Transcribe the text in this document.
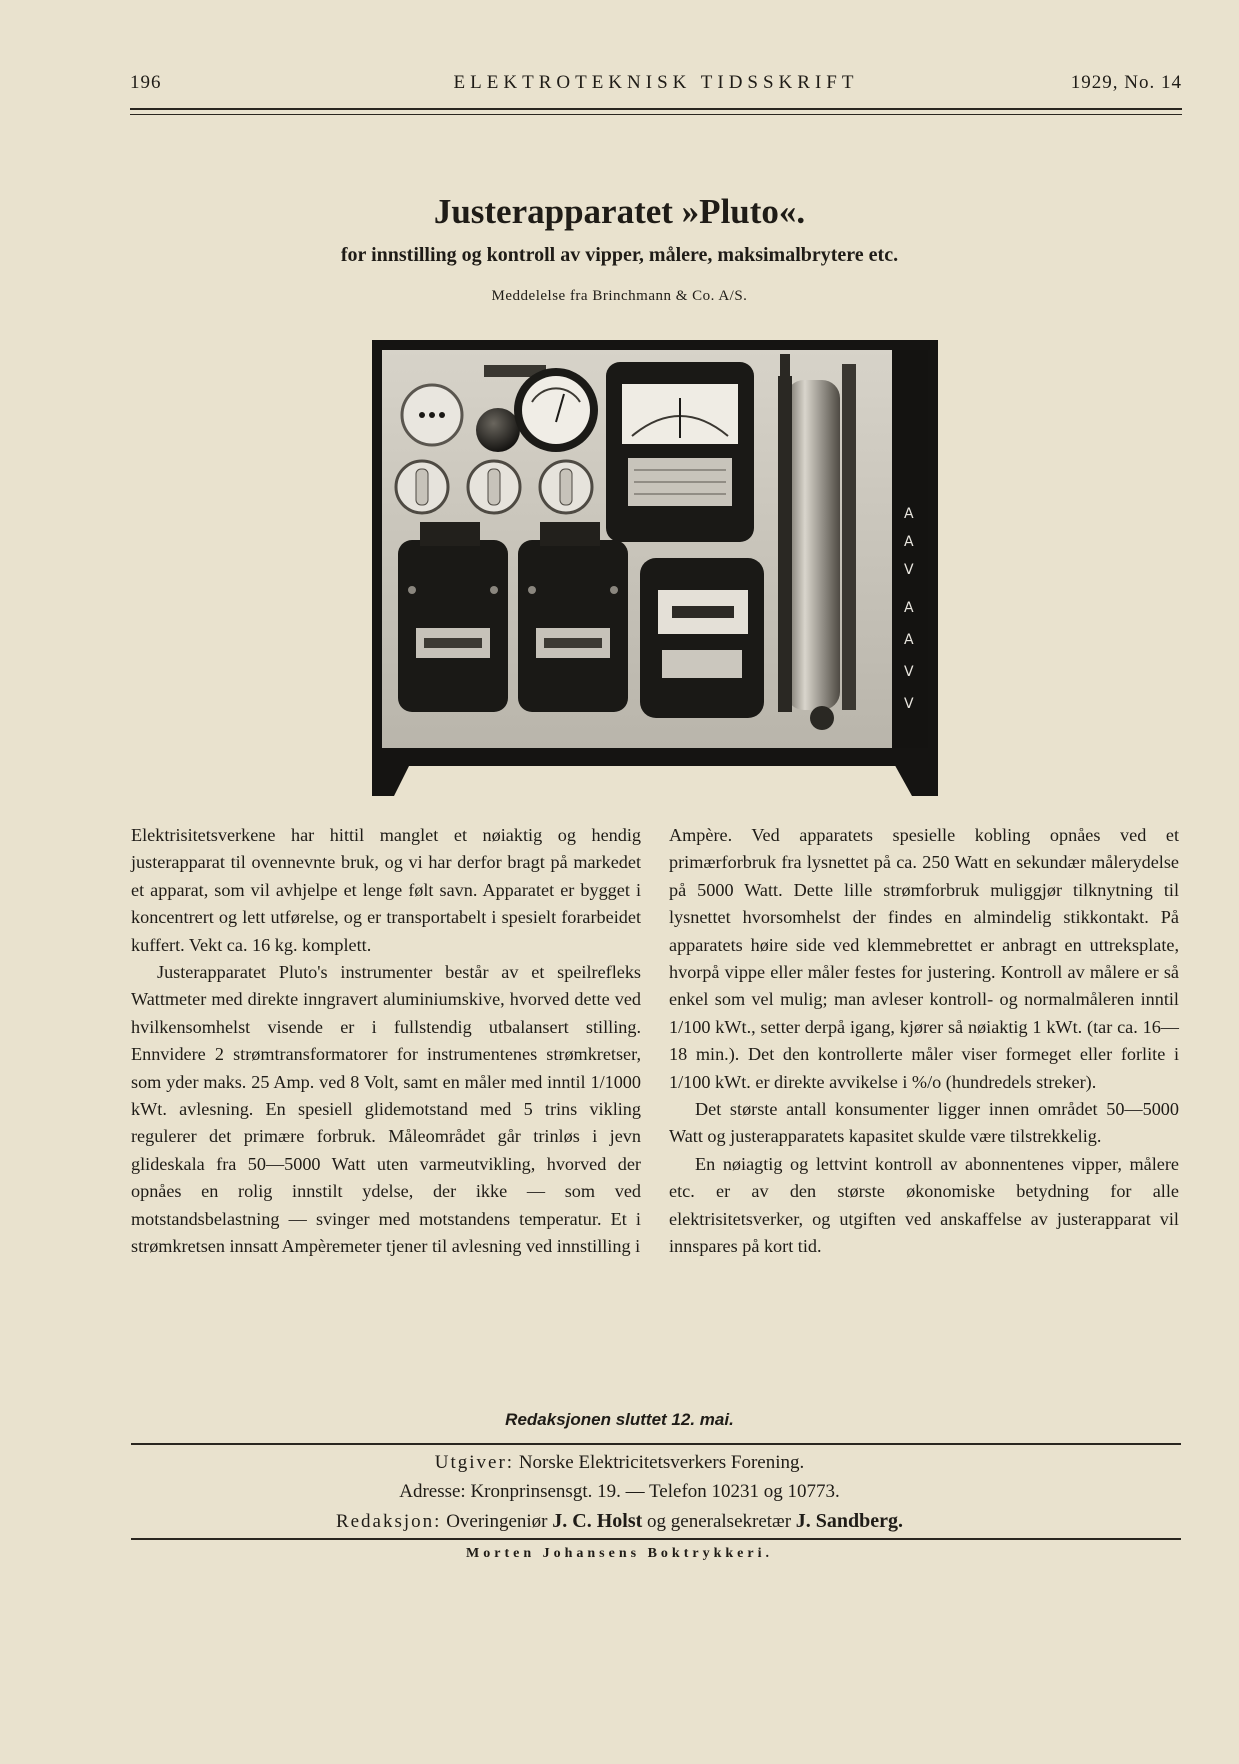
196	ELEKTROTEKNISK TIDSSKRIFT	1929, No. 14
Justerapparatet »Pluto«.
for innstilling og kontroll av vipper, målere, maksimalbrytere etc.
Meddelelse fra Brinchmann & Co. A/S.
A
A
V
A
A
V
V

Elektrisitetsverkene har hittil manglet et nøiaktig og hendig justerapparat til ovennevnte bruk, og vi har derfor bragt på markedet et apparat, som vil avhjelpe et lenge følt savn. Apparatet er bygget i koncentrert og lett utførelse, og er transportabelt i spesielt forarbeidet kuffert. Vekt ca. 16 kg. komplett.

Justerapparatet Pluto's instrumenter består av et speilrefleks Wattmeter med direkte inngravert aluminiumskive, hvorved dette ved hvilkensomhelst visende er i fullstendig utbalansert stilling. Ennvidere 2 strømtransformatorer for instrumentenes strømkretser, som yder maks. 25 Amp. ved 8 Volt, samt en måler med inntil 1/1000 kWt. avlesning. En spesiell glidemotstand med 5 trins vikling regulerer det primære forbruk. Måleområdet går trinløs i jevn glideskala fra 50—5000 Watt uten varmeutvikling, hvorved der opnåes en rolig innstilt ydelse, der ikke — som ved motstandsbelastning — svinger med motstandens temperatur. Et i strømkretsen innsatt Ampèremeter tjener til avlesning ved innstilling i

Ampère. Ved apparatets spesielle kobling opnåes ved et primærforbruk fra lysnettet på ca. 250 Watt en sekundær målerydelse på 5000 Watt. Dette lille strømforbruk muliggjør tilknytning til lysnettet hvorsomhelst der findes en almindelig stikkontakt. På apparatets høire side ved klemmebrettet er anbragt en uttreksplate, hvorpå vippe eller måler festes for justering. Kontroll av målere er så enkel som vel mulig; man avleser kontroll- og normalmåleren inntil 1/100 kWt., setter derpå igang, kjører så nøiaktig 1 kWt. (tar ca. 16—18 min.). Det den kontrollerte måler viser formeget eller forlite i 1/100 kWt. er direkte avvikelse i %/o (hundredels streker).

Det største antall konsumenter ligger innen området 50—5000 Watt og justerapparatets kapasitet skulde være tilstrekkelig.

En nøiagtig og lettvint kontroll av abonnentenes vipper, målere etc. er av den største økonomiske betydning for alle elektrisitetsverker, og utgiften ved anskaffelse av justerapparat vil innspares på kort tid.

Redaksjonen sluttet 12. mai.
Utgiver: Norske Elektricitetsverkers Forening.
Adresse: Kronprinsensgt. 19. — Telefon 10231 og 10773.
Redaksjon: Overingeniør J. C. Holst og generalsekretær J. Sandberg.
Morten Johansens Boktrykkeri.
